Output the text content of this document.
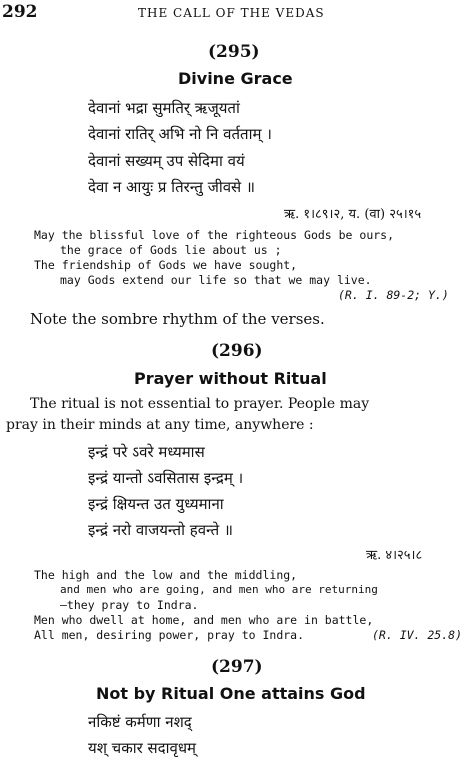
292	THE CALL OF THE VEDAS
(295)
Divine Grace
देवानां भद्रा सुमतिर् ऋजूयतां
देवानां रातिर् अभि नो नि वर्तताम् ।
देवानां सख्यम् उप सेदिमा वयं
देवा न आयुः प्र तिरन्तु जीवसे ॥
ऋ. १।८९।२, य. (वा) २५।१५
May the blissful love of the righteous Gods be ours,
the grace of Gods lie about us ;
The friendship of Gods we have sought,
may Gods extend our life so that we may live.
(R. I. 89-2; Y.)
Note the sombre rhythm of the verses.
(296)
Prayer without Ritual
The ritual is not essential to prayer. People may
pray in their minds at any time, anywhere :
इन्द्रं परे ऽवरे मध्यमास
इन्द्रं यान्तो ऽवसितास इन्द्रम् ।
इन्द्रं क्षियन्त उत युध्यमाना
इन्द्रं नरो वाजयन्तो हवन्ते ॥
ऋ. ४।२५।८
The high and the low and the middling,
and men who are going, and men who are returning
—they pray to Indra.
Men who dwell at home, and men who are in battle,
All men, desiring power, pray to Indra.	(R. IV. 25.8)
(297)
Not by Ritual One attains God
नकिष्टं कर्मणा नशद्
यश् चकार सदावृधम्
